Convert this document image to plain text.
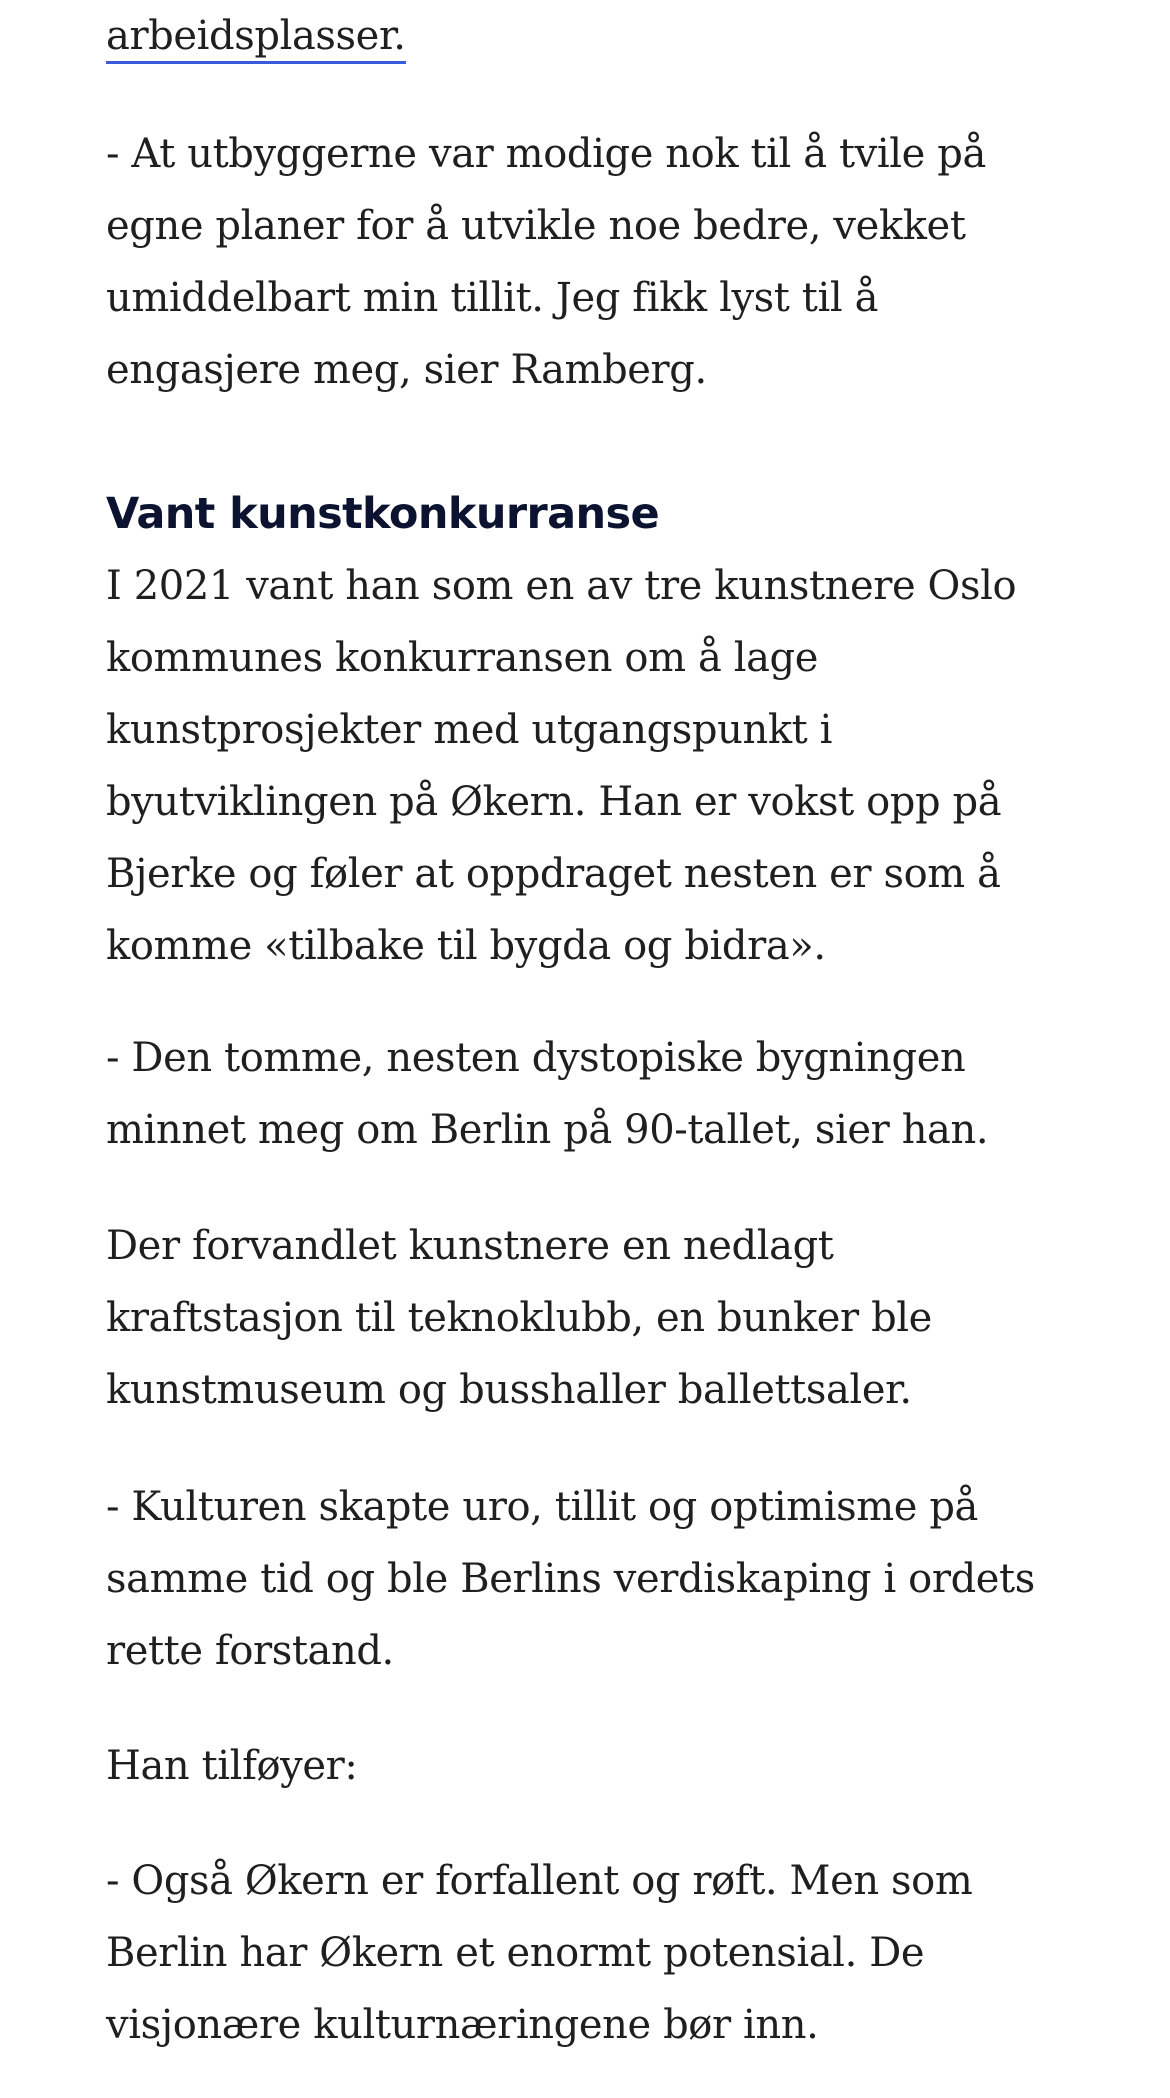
arbeidsplasser.

- At utbyggerne var modige nok til å tvile på egne planer for å utvikle noe bedre, vekket umiddelbart min tillit. Jeg fikk lyst til å engasjere meg, sier Ramberg.

Vant kunstkonkurranse

I 2021 vant han som en av tre kunstnere Oslo kommunes konkurransen om å lage kunstprosjekter med utgangspunkt i byutviklingen på Økern. Han er vokst opp på Bjerke og føler at oppdraget nesten er som å komme «tilbake til bygda og bidra».

- Den tomme, nesten dystopiske bygningen minnet meg om Berlin på 90-tallet, sier han.

Der forvandlet kunstnere en nedlagt kraftstasjon til teknoklubb, en bunker ble kunstmuseum og busshaller ballettsaler.

- Kulturen skapte uro, tillit og optimisme på samme tid og ble Berlins verdiskaping i ordets rette forstand.

Han tilføyer:

- Også Økern er forfallent og røft. Men som Berlin har Økern et enormt potensial. De visjonære kulturnæringene bør inn.
